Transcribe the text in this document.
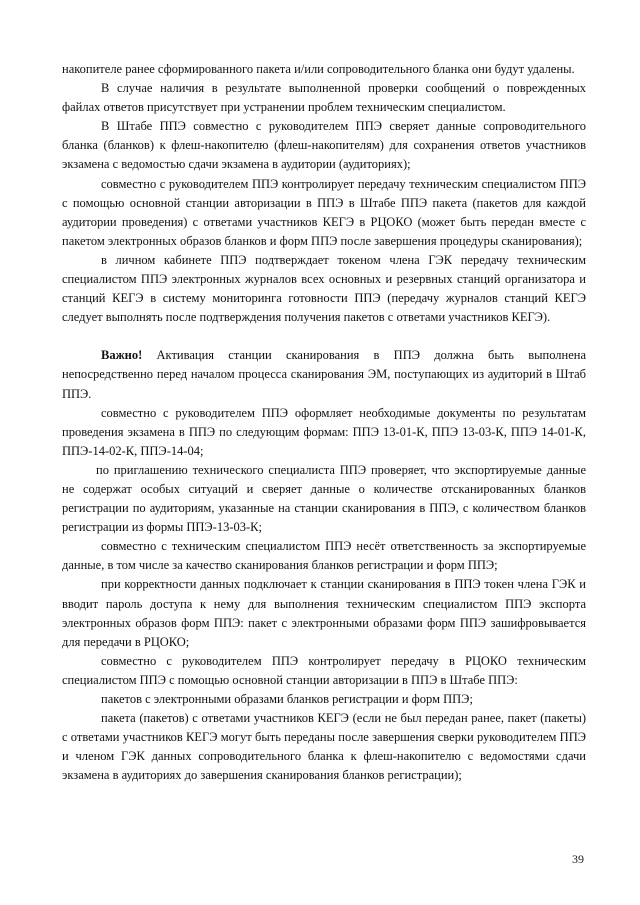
накопителе ранее сформированного пакета и/или сопроводительного бланка они будут удалены.

В случае наличия в результате выполненной проверки сообщений о поврежденных файлах ответов присутствует при устранении проблем техническим специалистом.

В Штабе ППЭ совместно с руководителем ППЭ сверяет данные сопроводительного бланка (бланков) к флеш-накопителю (флеш-накопителям) для сохранения ответов участников экзамена с ведомостью сдачи экзамена в аудитории (аудиториях);

совместно с руководителем ППЭ контролирует передачу техническим специалистом ППЭ с помощью основной станции авторизации в ППЭ в Штабе ППЭ пакета (пакетов для каждой аудитории проведения) с ответами участников КЕГЭ в РЦОКО (может быть передан вместе с пакетом электронных образов бланков и форм ППЭ после завершения процедуры сканирования);

в личном кабинете ППЭ подтверждает токеном члена ГЭК передачу техническим специалистом ППЭ электронных журналов всех основных и резервных станций организатора и станций КЕГЭ в систему мониторинга готовности ППЭ (передачу журналов станций КЕГЭ следует выполнять после подтверждения получения пакетов с ответами участников КЕГЭ).

Важно! Активация станции сканирования в ППЭ должна быть выполнена непосредственно перед началом процесса сканирования ЭМ, поступающих из аудиторий в Штаб ППЭ.

совместно с руководителем ППЭ оформляет необходимые документы по результатам проведения экзамена в ППЭ по следующим формам: ППЭ 13-01-К, ППЭ 13-03-К, ППЭ 14-01-К, ППЭ-14-02-К, ППЭ-14-04;

по приглашению технического специалиста ППЭ проверяет, что экспортируемые данные не содержат особых ситуаций и сверяет данные о количестве отсканированных бланков регистрации по аудиториям, указанные на станции сканирования в ППЭ, с количеством бланков регистрации из формы ППЭ-13-03-К;

совместно с техническим специалистом ППЭ несёт ответственность за экспортируемые данные, в том числе за качество сканирования бланков регистрации и форм ППЭ;

при корректности данных подключает к станции сканирования в ППЭ токен члена ГЭК и вводит пароль доступа к нему для выполнения техническим специалистом ППЭ экспорта электронных образов форм ППЭ: пакет с электронными образами форм ППЭ зашифровывается для передачи в РЦОКО;

совместно с руководителем ППЭ контролирует передачу в РЦОКО техническим специалистом ППЭ с помощью основной станции авторизации в ППЭ в Штабе ППЭ:

пакетов с электронными образами бланков регистрации и форм ППЭ;

пакета (пакетов) с ответами участников КЕГЭ (если не был передан ранее, пакет (пакеты) с ответами участников КЕГЭ могут быть переданы после завершения сверки руководителем ППЭ и членом ГЭК данных сопроводительного бланка к флеш-накопителю с ведомостями сдачи экзамена в аудиториях до завершения сканирования бланков регистрации);

39
